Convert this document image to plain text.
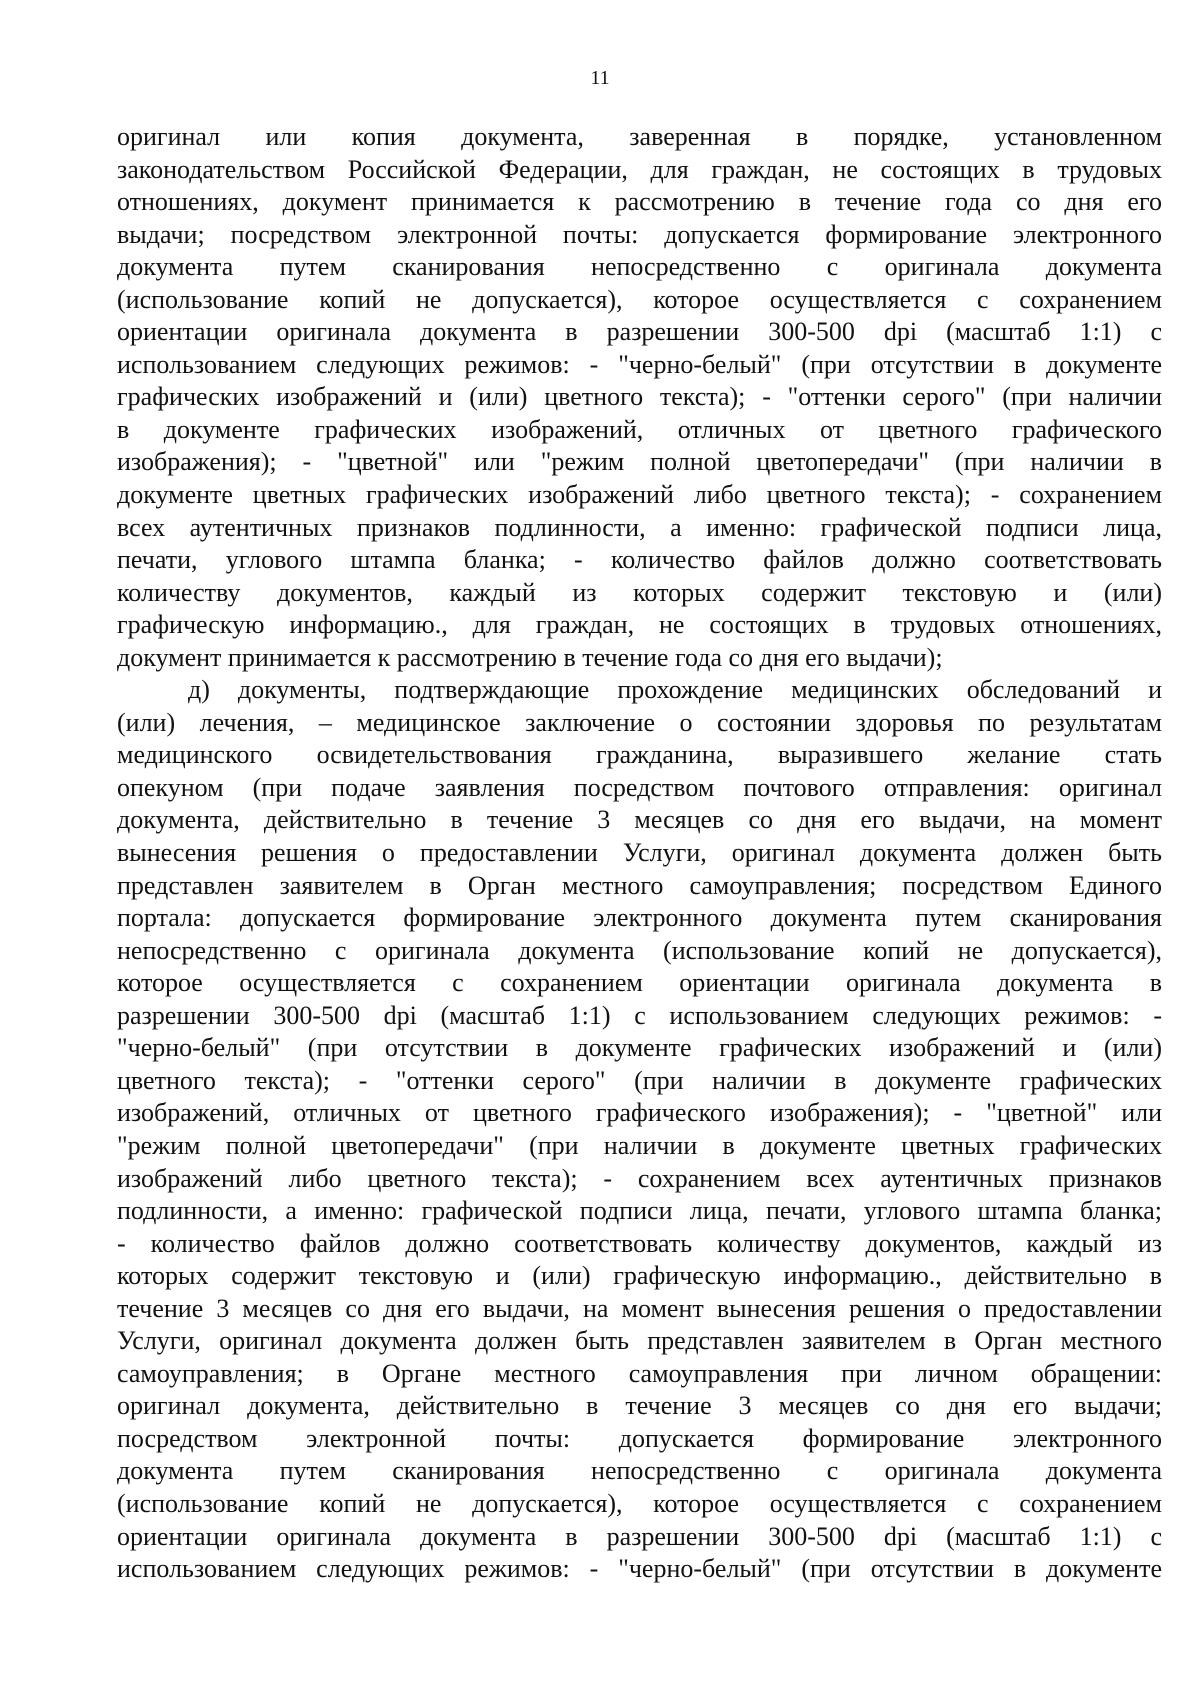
11
оригинал или копия документа, заверенная в порядке, установленном
законодательством Российской Федерации, для граждан, не состоящих в трудовых
отношениях, документ принимается к рассмотрению в течение года со дня его
выдачи; посредством электронной почты: допускается формирование электронного
документа путем сканирования непосредственно с оригинала документа
(использование копий не допускается), которое осуществляется с сохранением
ориентации оригинала документа в разрешении 300-500 dpi (масштаб 1:1) с
использованием следующих режимов: - "черно-белый" (при отсутствии в документе
графических изображений и (или) цветного текста); - "оттенки серого" (при наличии
в документе графических изображений, отличных от цветного графического
изображения); - "цветной" или "режим полной цветопередачи" (при наличии в
документе цветных графических изображений либо цветного текста); - сохранением
всех аутентичных признаков подлинности, а именно: графической подписи лица,
печати, углового штампа бланка; - количество файлов должно соответствовать
количеству документов, каждый из которых содержит текстовую и (или)
графическую информацию., для граждан, не состоящих в трудовых отношениях,
документ принимается к рассмотрению в течение года со дня его выдачи);
д) документы, подтверждающие прохождение медицинских обследований и
(или) лечения, – медицинское заключение о состоянии здоровья по результатам
медицинского освидетельствования гражданина, выразившего желание стать
опекуном (при подаче заявления посредством почтового отправления: оригинал
документа, действительно в течение 3 месяцев со дня его выдачи, на момент
вынесения решения о предоставлении Услуги, оригинал документа должен быть
представлен заявителем в Орган местного самоуправления; посредством Единого
портала: допускается формирование электронного документа путем сканирования
непосредственно с оригинала документа (использование копий не допускается),
которое осуществляется с сохранением ориентации оригинала документа в
разрешении 300-500 dpi (масштаб 1:1) с использованием следующих режимов: -
"черно-белый" (при отсутствии в документе графических изображений и (или)
цветного текста); - "оттенки серого" (при наличии в документе графических
изображений, отличных от цветного графического изображения); - "цветной" или
"режим полной цветопередачи" (при наличии в документе цветных графических
изображений либо цветного текста); - сохранением всех аутентичных признаков
подлинности, а именно: графической подписи лица, печати, углового штампа бланка;
- количество файлов должно соответствовать количеству документов, каждый из
которых содержит текстовую и (или) графическую информацию., действительно в
течение 3 месяцев со дня его выдачи, на момент вынесения решения о предоставлении
Услуги, оригинал документа должен быть представлен заявителем в Орган местного
самоуправления; в Органе местного самоуправления при личном обращении:
оригинал документа, действительно в течение 3 месяцев со дня его выдачи;
посредством электронной почты: допускается формирование электронного
документа путем сканирования непосредственно с оригинала документа
(использование копий не допускается), которое осуществляется с сохранением
ориентации оригинала документа в разрешении 300-500 dpi (масштаб 1:1) с
использованием следующих режимов: - "черно-белый" (при отсутствии в документе
